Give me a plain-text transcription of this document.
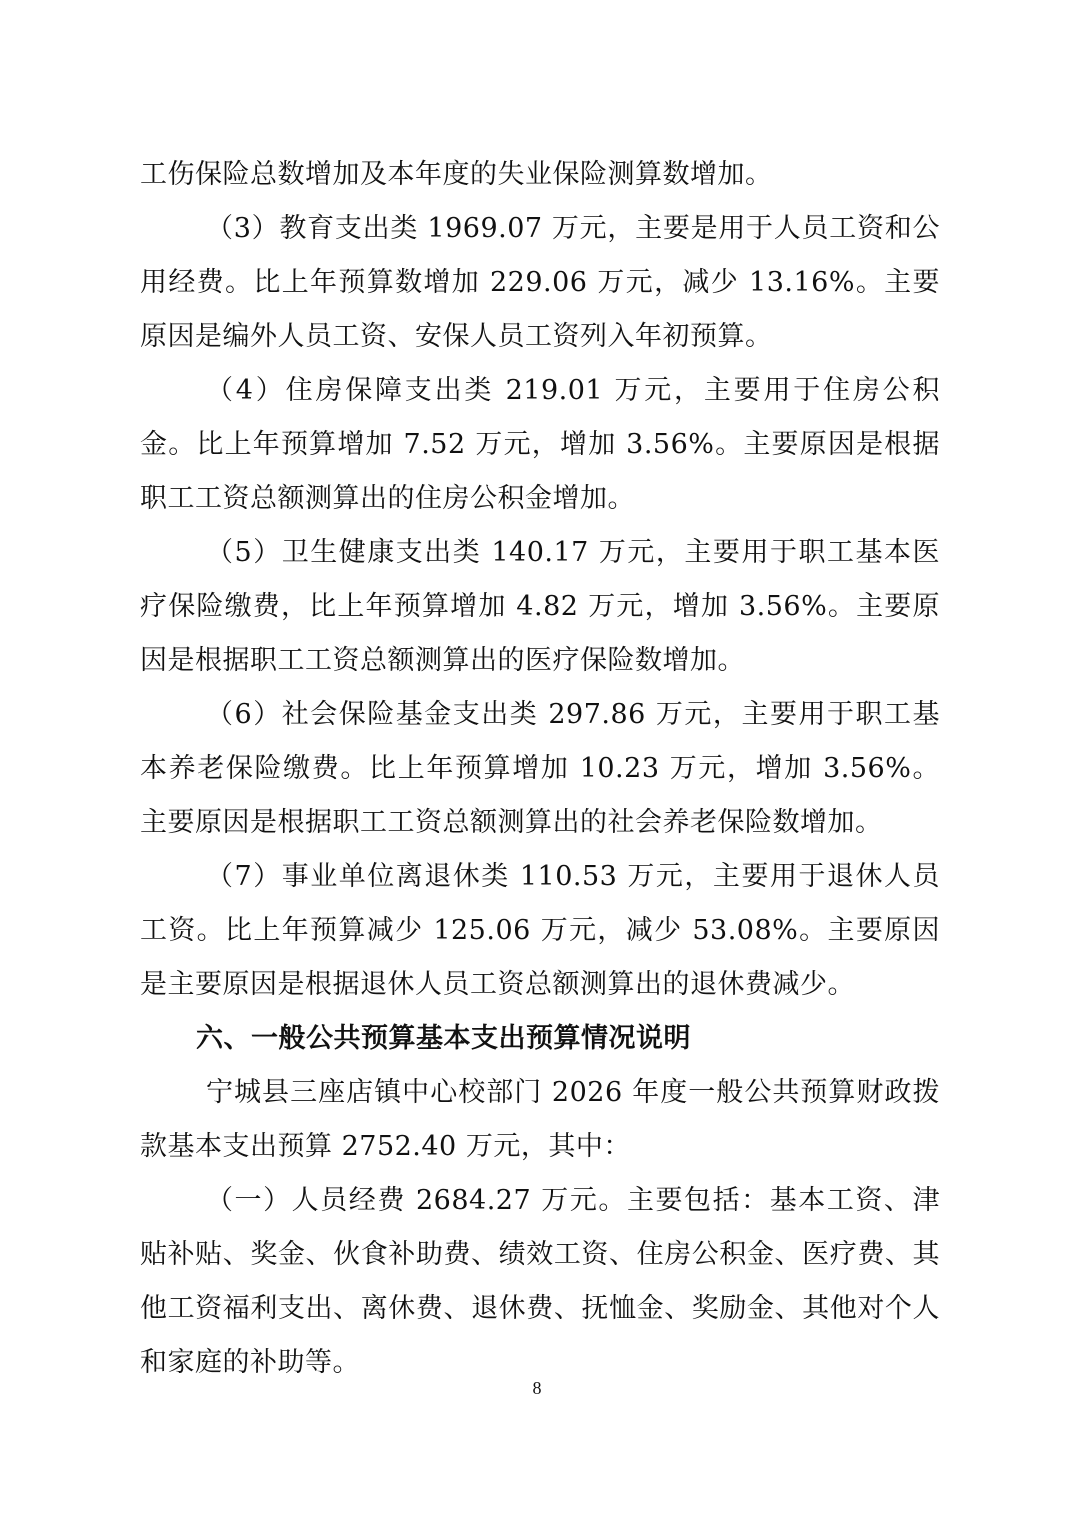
工伤保险总数增加及本年度的失业保险测算数增加。

（3）教育支出类 1969.07 万元，主要是用于人员工资和公用经费。比上年预算数增加 229.06 万元，减少 13.16%。主要原因是编外人员工资、安保人员工资列入年初预算。

（4）住房保障支出类 219.01 万元，主要用于住房公积金。比上年预算增加 7.52 万元，增加 3.56%。主要原因是根据职工工资总额测算出的住房公积金增加。

（5）卫生健康支出类 140.17 万元，主要用于职工基本医疗保险缴费，比上年预算增加 4.82 万元，增加 3.56%。主要原因是根据职工工资总额测算出的医疗保险数增加。

（6）社会保险基金支出类 297.86 万元，主要用于职工基本养老保险缴费。比上年预算增加 10.23 万元，增加 3.56%。主要原因是根据职工工资总额测算出的社会养老保险数增加。

（7）事业单位离退休类 110.53 万元，主要用于退休人员工资。比上年预算减少 125.06 万元，减少 53.08%。主要原因是主要原因是根据退休人员工资总额测算出的退休费减少。

六、一般公共预算基本支出预算情况说明

宁城县三座店镇中心校部门 2026 年度一般公共预算财政拨款基本支出预算 2752.40 万元，其中：

（一）人员经费 2684.27 万元。主要包括：基本工资、津贴补贴、奖金、伙食补助费、绩效工资、住房公积金、医疗费、其他工资福利支出、离休费、退休费、抚恤金、奖励金、其他对个人和家庭的补助等。

8
